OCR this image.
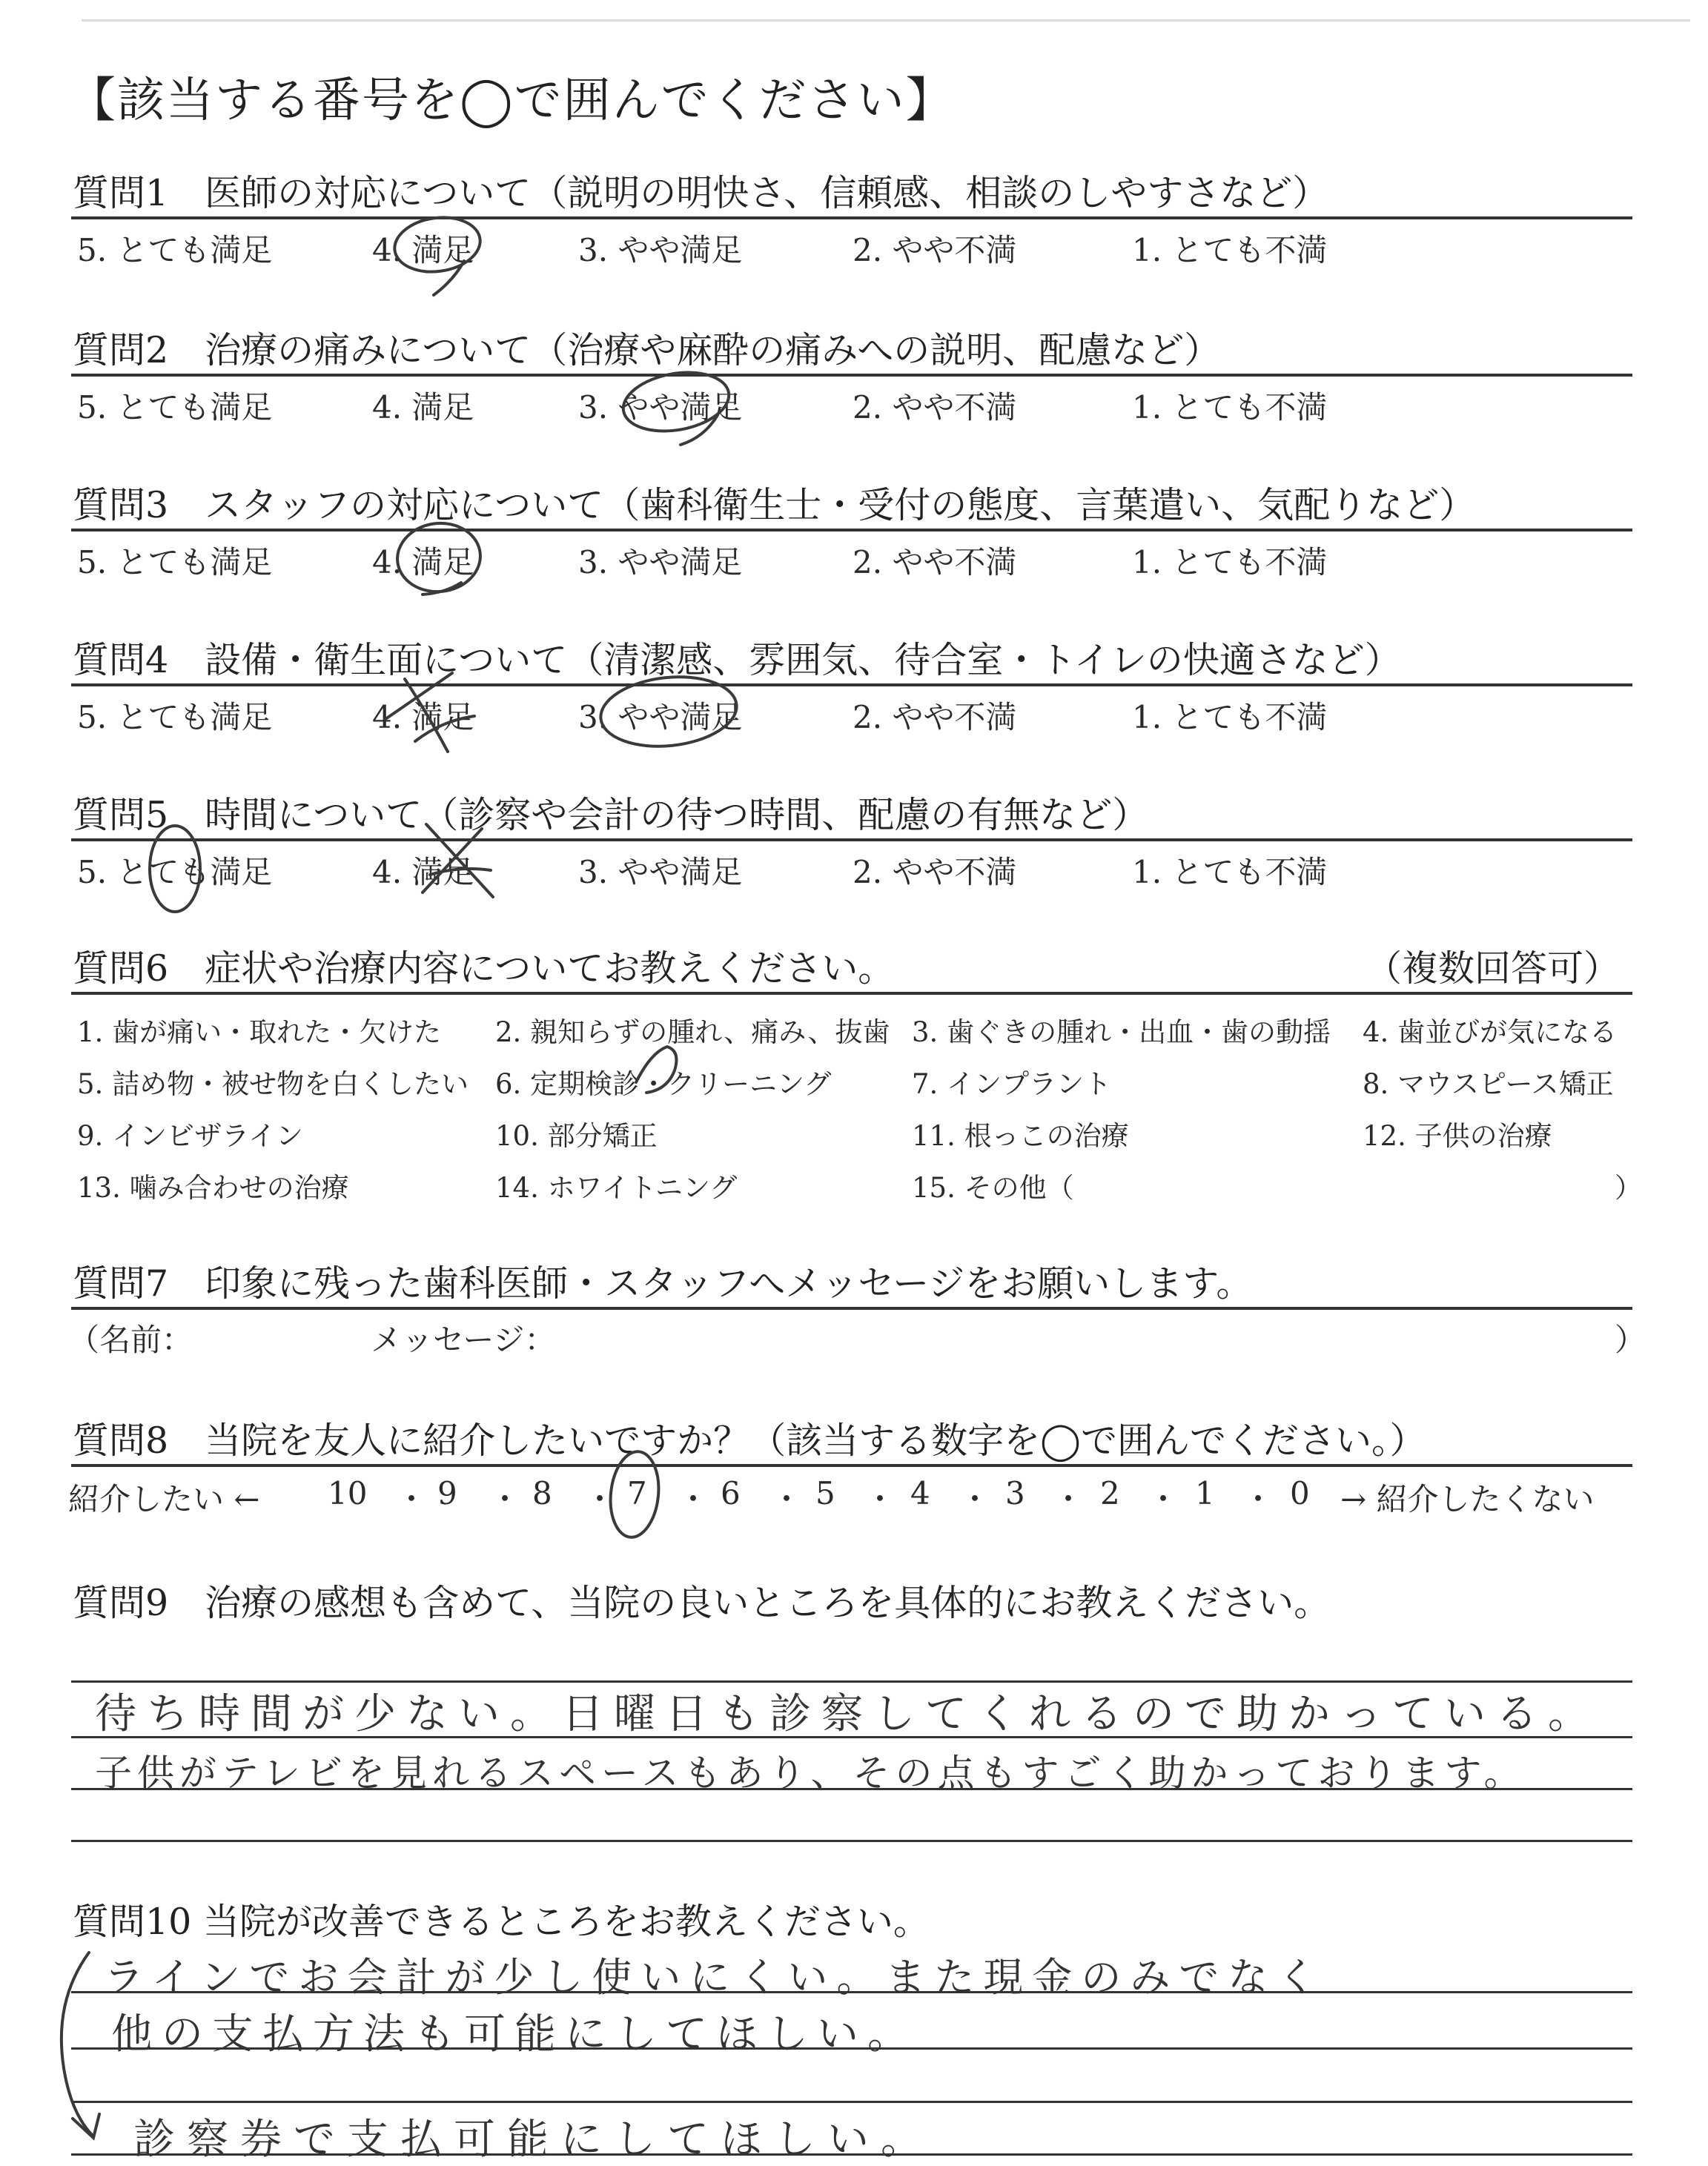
【該当する番号を◯で囲んでください】
質問1　医師の対応について（説明の明快さ、信頼感、相談のしやすさなど）
5. とても満足	4. 満足	3. やや満足	2. やや不満	1. とても不満
質問2　治療の痛みについて（治療や麻酔の痛みへの説明、配慮など）
5. とても満足	4. 満足	3. やや満足	2. やや不満	1. とても不満
質問3　スタッフの対応について（歯科衛生士・受付の態度、言葉遣い、気配りなど）
5. とても満足	4. 満足	3. やや満足	2. やや不満	1. とても不満
質問4　設備・衛生面について（清潔感、雰囲気、待合室・トイレの快適さなど）
5. とても満足	4. 満足	3. やや満足	2. やや不満	1. とても不満
質問5　時間について（診察や会計の待つ時間、配慮の有無など）
5. とても満足	4. 満足	3. やや満足	2. やや不満	1. とても不満
質問6　症状や治療内容についてお教えください。	（複数回答可）
1. 歯が痛い・取れた・欠けた 2. 親知らずの腫れ、痛み、抜歯 3. 歯ぐきの腫れ・出血・歯の動揺 4. 歯並びが気になる
5. 詰め物・被せ物を白くしたい 6. 定期検診・クリーニング	7. インプラント	8. マウスピース矯正
9. インビザライン	10. 部分矯正	11. 根っこの治療	12. 子供の治療
13. 噛み合わせの治療	14. ホワイトニング	15. その他（	）
質問7　印象に残った歯科医師・スタッフへメッセージをお願いします。
（名前：	メッセージ：	）
質問8　当院を友人に紹介したいですか？（該当する数字を◯で囲んでください。）
紹介したい ← 10 ・ 9 ・ 8 ・ 7 ・ 6 ・ 5 ・ 4 ・ 3 ・ 2 ・ 1 ・ 0 → 紹介したくない
質問9　治療の感想も含めて、当院の良いところを具体的にお教えください。
待ち時間が少ない。日曜日も診察してくれるので助かっている。
子供がテレビを見れるスペースもあり、その点もすごく助かっております。
質問10 当院が改善できるところをお教えください。
ラインでお会計が少し使いにくい。また現金のみでなく
他の支払方法も可能にしてほしい。
診察券で支払可能にしてほしい。
